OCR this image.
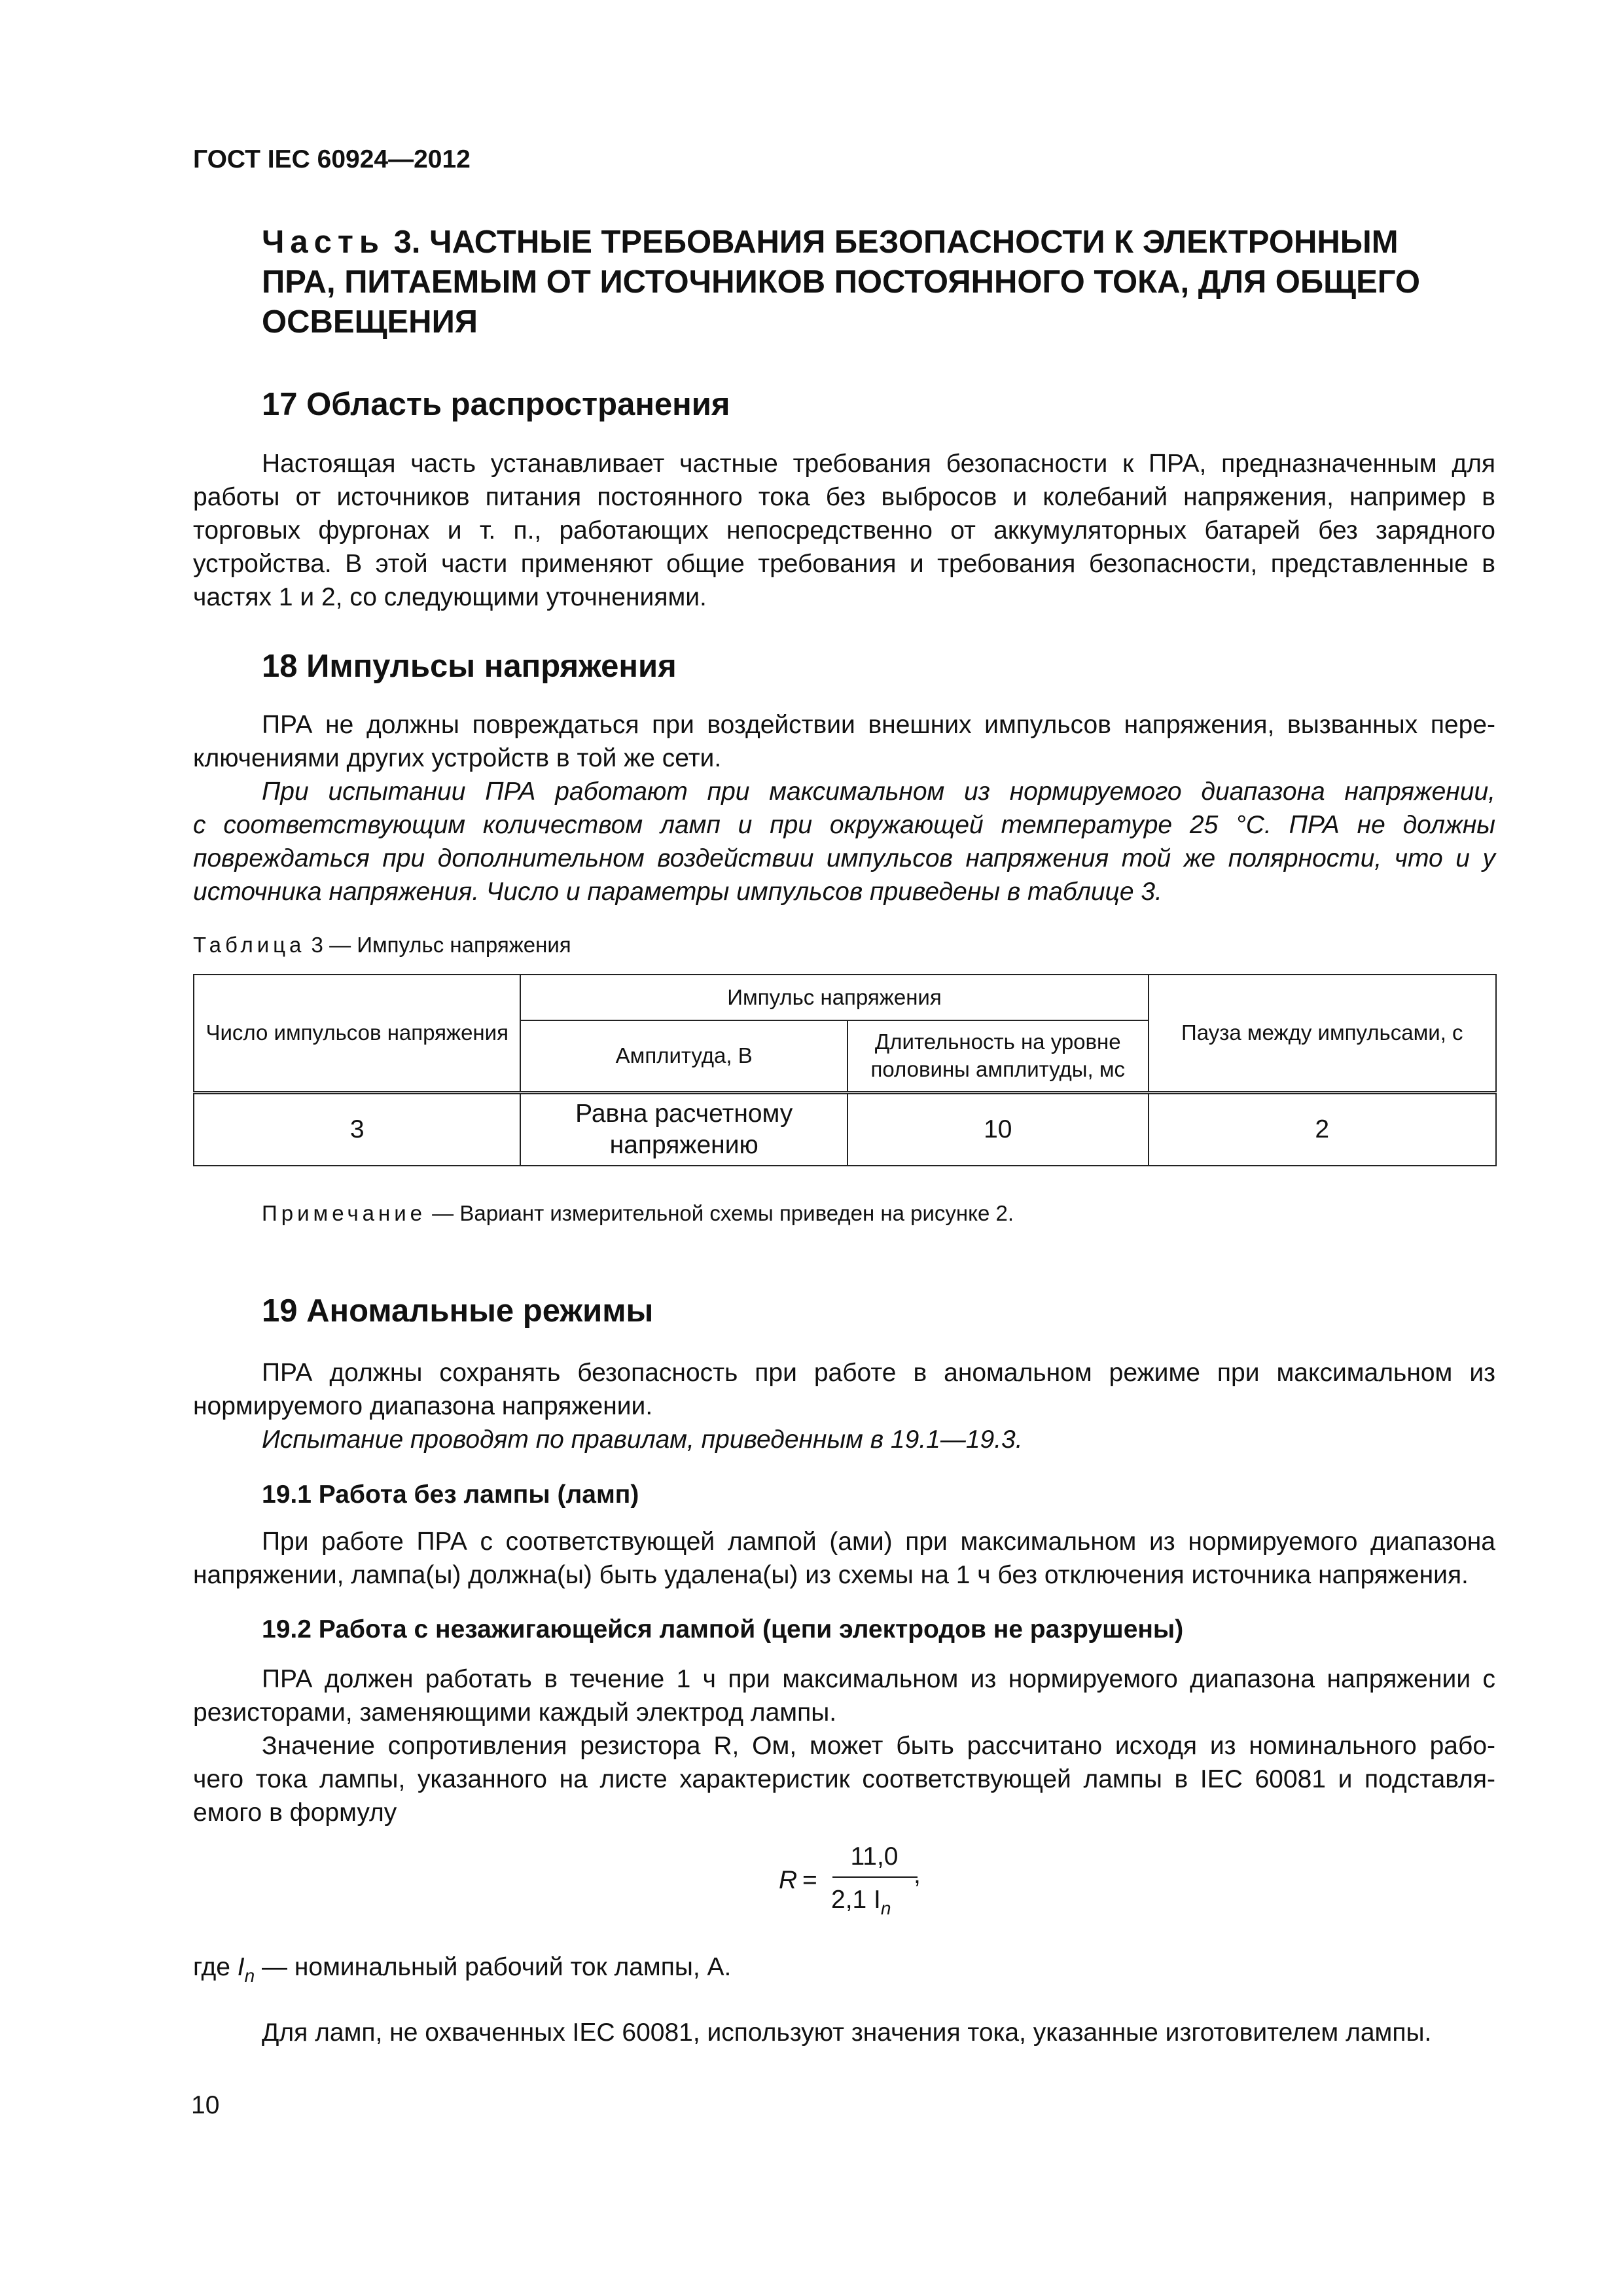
ГОСТ IEC 60924—2012
Часть 3. ЧАСТНЫЕ ТРЕБОВАНИЯ БЕЗОПАСНОСТИ К ЭЛЕКТРОННЫМ
ПРА, ПИТАЕМЫМ ОТ ИСТОЧНИКОВ ПОСТОЯННОГО ТОКА, ДЛЯ ОБЩЕГО
ОСВЕЩЕНИЯ
17 Область распространения
Настоящая часть устанавливает частные требования безопасности к ПРА, предназначенным для
работы от источников питания постоянного тока без выбросов и колебаний напряжения, например в
торговых фургонах и т. п., работающих непосредственно от аккумуляторных батарей без зарядного
устройства. В этой части применяют общие требования и требования безопасности, представленные в
частях 1 и 2, со следующими уточнениями.
18 Импульсы напряжения
ПРА не должны повреждаться при воздействии внешних импульсов напряжения, вызванных пере-
ключениями других устройств в той же сети.
При испытании ПРА работают при максимальном из нормируемого диапазона напряжении,
с соответствующим количеством ламп и при окружающей температуре 25 °С. ПРА не должны
повреждаться при дополнительном воздействии импульсов напряжения той же полярности, что и у
источника напряжения. Число и параметры импульсов приведены в таблице 3.
Таблица 3 — Импульс напряжения
Число импульсов напряжения	Импульс напряжения		Пауза между импульсами, с
	Амплитуда, В	Длительность на уровне половины амплитуды, мс	
3	Равна расчетному напряжению	10	2
Примечание — Вариант измерительной схемы приведен на рисунке 2.
19 Аномальные режимы
ПРА должны сохранять безопасность при работе в аномальном режиме при максимальном из
нормируемого диапазона напряжении.
Испытание проводят по правилам, приведенным в 19.1—19.3.
19.1 Работа без лампы (ламп)
При работе ПРА с соответствующей лампой (ами) при максимальном из нормируемого диапазона
напряжении, лампа(ы) должна(ы) быть удалена(ы) из схемы на 1 ч без отключения источника напряжения.
19.2 Работа с незажигающейся лампой (цепи электродов не разрушены)
ПРА должен работать в течение 1 ч при максимальном из нормируемого диапазона напряжении с
резисторами, заменяющими каждый электрод лампы.
Значение сопротивления резистора R, Ом, может быть рассчитано исходя из номинального рабо-
чего тока лампы, указанного на листе характеристик соответствующей лампы в IEC 60081 и подставля-
емого в формулу
R =
11,0
,
2,1 $I_n$
где $I_n$ — номинальный рабочий ток лампы, А.
Для ламп, не охваченных IEC 60081, используют значения тока, указанные изготовителем лампы.
10
